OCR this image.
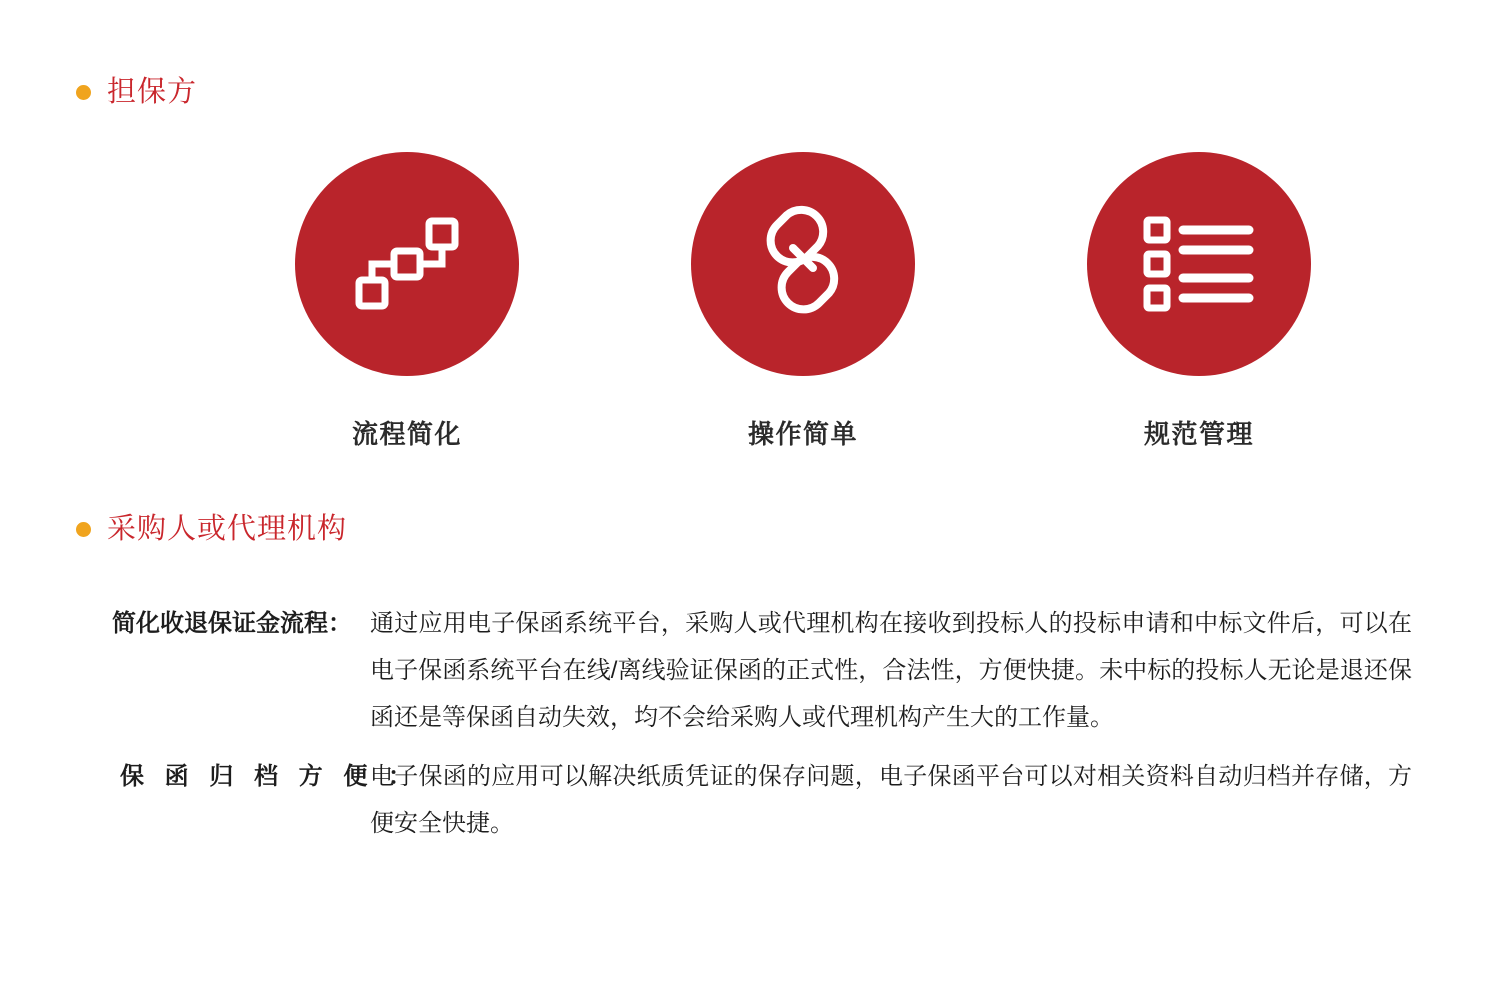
担保方
流程简化	操作简单	规范管理
采购人或代理机构
简化收退保证金流程： 通过应用电子保函系统平台，采购人或代理机构在接收到投标人的投标申请和中标文件后，可以在电子保函系统平台在线/离线验证保函的正式性，合法性，方便快捷。未中标的投标人无论是退还保函还是等保函自动失效，均不会给采购人或代理机构产生大的工作量。
保 函 归 档 方 便 ：
电子保函的应用可以解决纸质凭证的保存问题，电子保函平台可以对相关资料自动归档并存储，方便安全快捷。
